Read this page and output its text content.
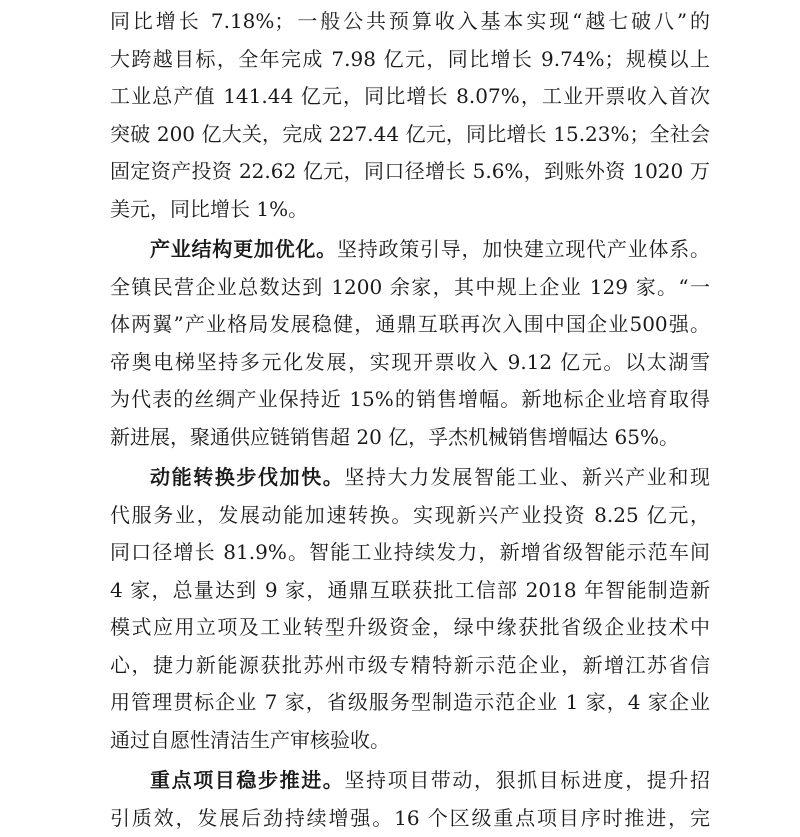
同比增长 7.18%；一般公共预算收入基本实现“越七破八”的
大跨越目标，全年完成 7.98 亿元，同比增长 9.74%；规模以上
工业总产值 141.44 亿元，同比增长 8.07%，工业开票收入首次
突破 200 亿大关，完成 227.44 亿元，同比增长 15.23%；全社会
固定资产投资 22.62 亿元，同口径增长 5.6%，到账外资 1020 万
美元，同比增长 1%。
产业结构更加优化。坚持政策引导，加快建立现代产业体系。
全镇民营企业总数达到 1200 余家，其中规上企业 129 家。“一
体两翼”产业格局发展稳健，通鼎互联再次入围中国企业500强。
帝奥电梯坚持多元化发展，实现开票收入 9.12 亿元。以太湖雪
为代表的丝绸产业保持近 15%的销售增幅。新地标企业培育取得
新进展，聚通供应链销售超 20 亿，孚杰机械销售增幅达 65%。
动能转换步伐加快。坚持大力发展智能工业、新兴产业和现
代服务业，发展动能加速转换。实现新兴产业投资 8.25 亿元，
同口径增长 81.9%。智能工业持续发力，新增省级智能示范车间
4 家，总量达到 9 家，通鼎互联获批工信部 2018 年智能制造新
模式应用立项及工业转型升级资金，绿中缘获批省级企业技术中
心，捷力新能源获批苏州市级专精特新示范企业，新增江苏省信
用管理贯标企业 7 家，省级服务型制造示范企业 1 家，4 家企业
通过自愿性清洁生产审核验收。
重点项目稳步推进。坚持项目带动，狠抓目标进度，提升招
引质效，发展后劲持续增强。16 个区级重点项目序时推进，完
